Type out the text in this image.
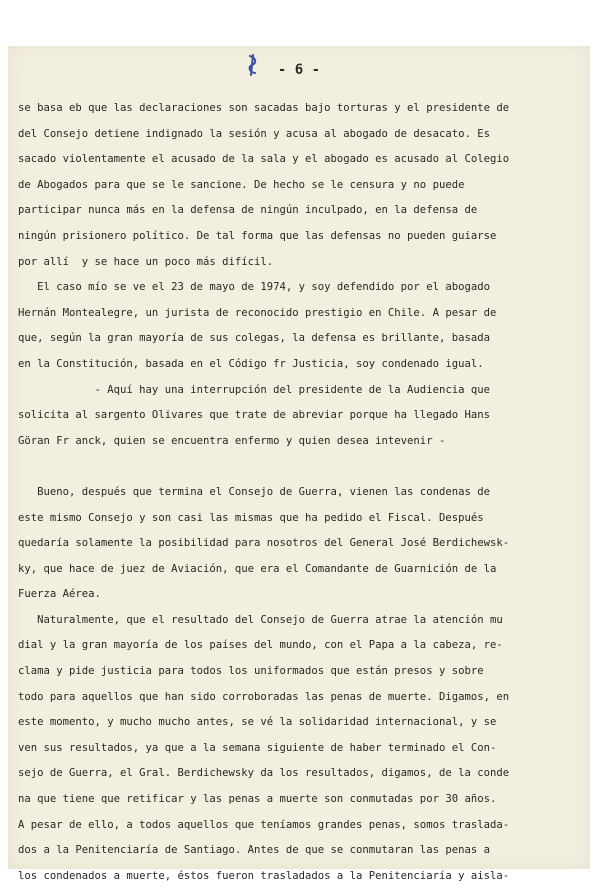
- 6 -
se basa eb que las declaraciones son sacadas bajo torturas y el presidente de
del Consejo detiene indignado la sesión y acusa al abogado de desacato. Es
sacado violentamente el acusado de la sala y el abogado es acusado al Colegio
de Abogados para que se le sancione. De hecho se le censura y no puede
participar nunca más en la defensa de ningún inculpado, en la defensa de
ningún prisionero político. De tal forma que las defensas no pueden guiarse
por allí  y se hace un poco más difícil.
El caso mío se ve el 23 de mayo de 1974, y soy defendido por el abogado
Hernán Montealegre, un jurista de reconocido prestigio en Chile. A pesar de
que, según la gran mayoría de sus colegas, la defensa es brillante, basada
en la Constitución, basada en el Código fr Justicia, soy condenado igual.
- Aquí hay una interrupción del presidente de la Audiencia que
solicita al sargento Olivares que trate de abreviar porque ha llegado Hans
Göran Fr anck, quien se encuentra enfermo y quien desea intevenir -
Bueno, después que termina el Consejo de Guerra, vienen las condenas de
este mismo Consejo y son casi las mismas que ha pedido el Fiscal. Después
quedaría solamente la posibilidad para nosotros del General José Berdichewsk-
ky, que hace de juez de Aviación, que era el Comandante de Guarnición de la
Fuerza Aérea.
Naturalmente, que el resultado del Consejo de Guerra atrae la atención mu
dial y la gran mayoría de los países del mundo, con el Papa a la cabeza, re-
clama y pide justicia para todos los uniformados que están presos y sobre
todo para aquellos que han sido corroboradas las penas de muerte. Digamos, en
este momento, y mucho mucho antes, se vé la solidaridad internacional, y se
ven sus resultados, ya que a la semana siguiente de haber terminado el Con-
sejo de Guerra, el Gral. Berdichewsky da los resultados, digamos, de la conde
na que tiene que retificar y las penas a muerte son conmutadas por 30 años.
A pesar de ello, a todos aquellos que teníamos grandes penas, somos traslada-
dos a la Penitenciaría de Santiago. Antes de que se conmutaran las penas a
los condenados a muerte, éstos fueron trasladados a la Penitenciaría y aisla-
